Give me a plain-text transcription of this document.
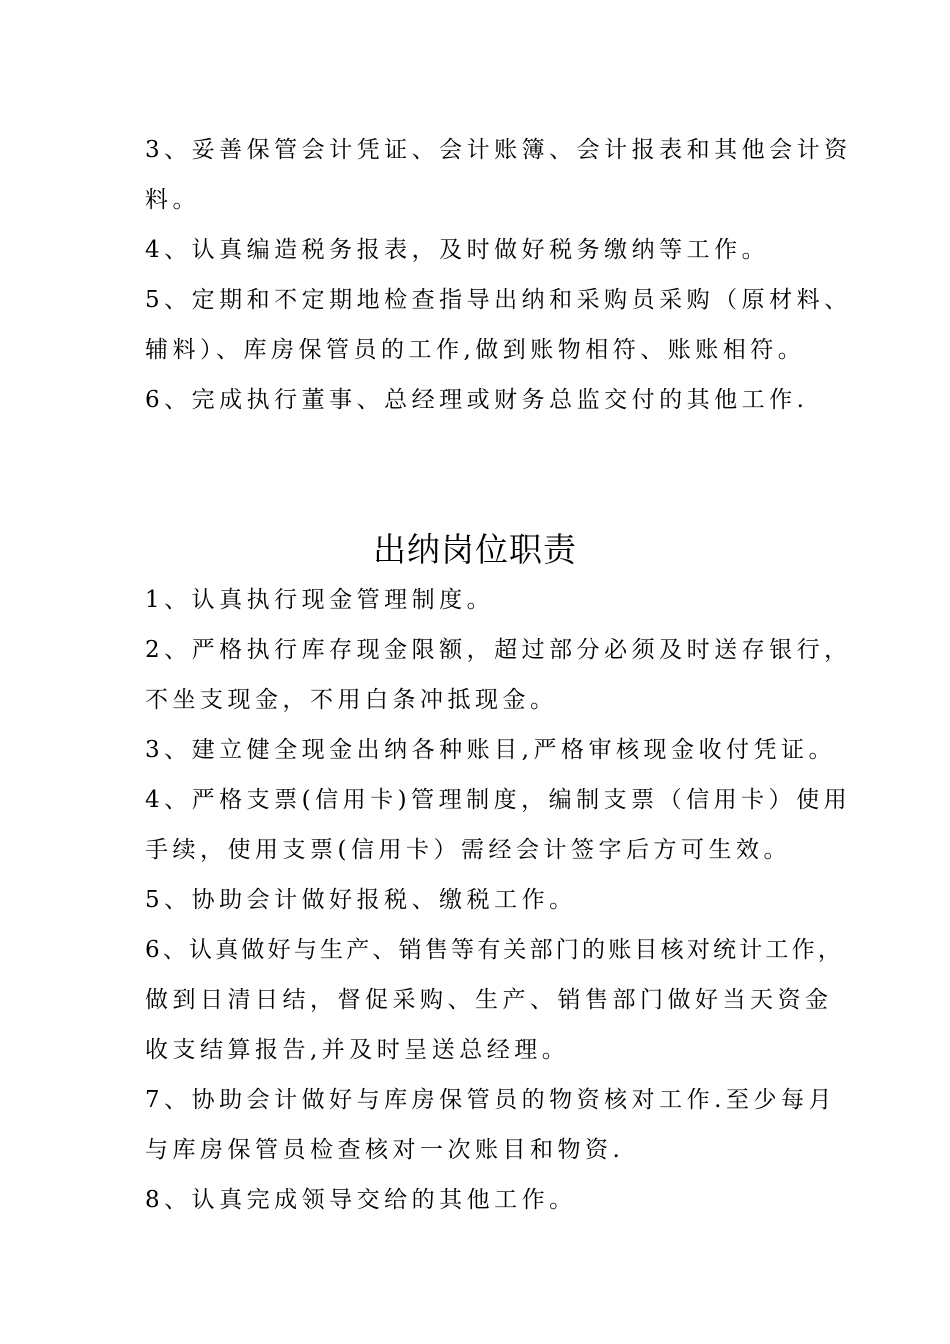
3、妥善保管会计凭证、会计账簿、会计报表和其他会计资
料。
4、认真编造税务报表，及时做好税务缴纳等工作。
5、定期和不定期地检查指导出纳和采购员采购（原材料、
辅料）、库房保管员的工作,做到账物相符、账账相符。
6、完成执行董事、总经理或财务总监交付的其他工作.
出纳岗位职责
1、认真执行现金管理制度。
2、严格执行库存现金限额，超过部分必须及时送存银行，
不坐支现金，不用白条冲抵现金。
3、建立健全现金出纳各种账目,严格审核现金收付凭证。
4、严格支票(信用卡)管理制度，编制支票（信用卡）使用
手续，使用支票(信用卡）需经会计签字后方可生效。
5、协助会计做好报税、缴税工作。
6、认真做好与生产、销售等有关部门的账目核对统计工作，
做到日清日结，督促采购、生产、销售部门做好当天资金
收支结算报告,并及时呈送总经理。
7、协助会计做好与库房保管员的物资核对工作.至少每月
与库房保管员检查核对一次账目和物资.
8、认真完成领导交给的其他工作。
